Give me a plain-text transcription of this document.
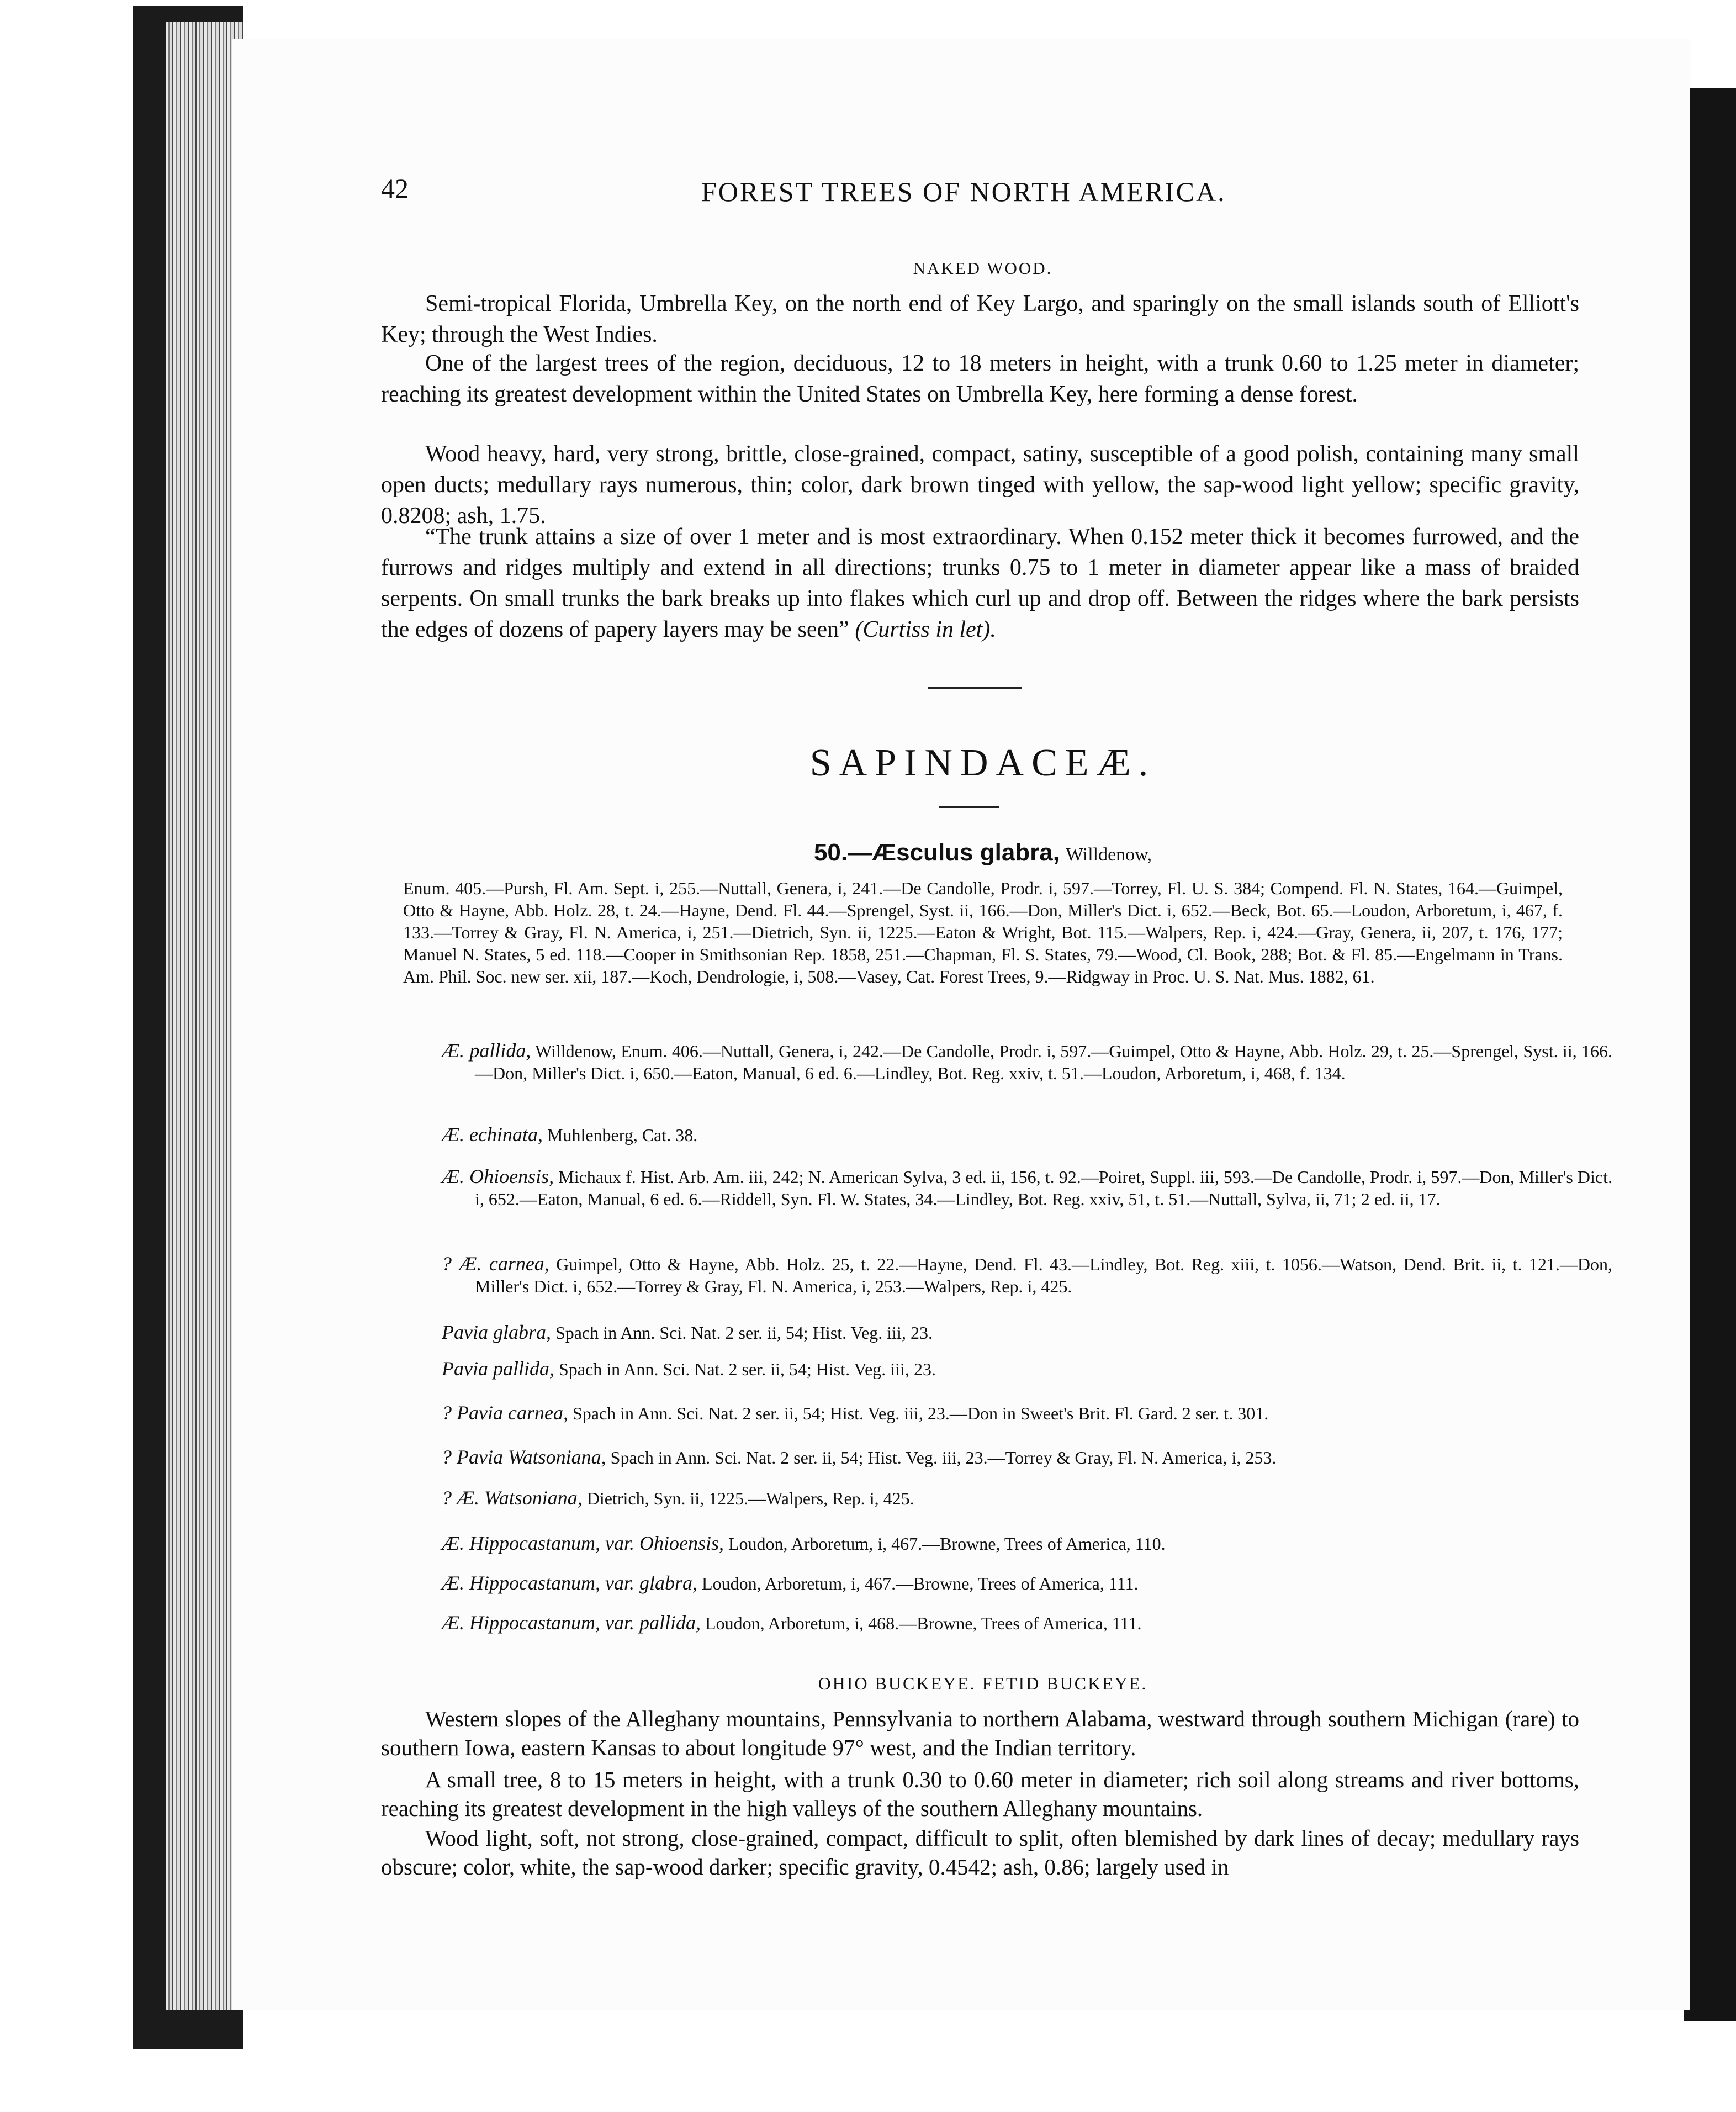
42	FOREST TREES OF NORTH AMERICA.

NAKED WOOD.

Semi-tropical Florida, Umbrella Key, on the north end of Key Largo, and sparingly on the small islands south of Elliott's Key; through the West Indies.

One of the largest trees of the region, deciduous, 12 to 18 meters in height, with a trunk 0.60 to 1.25 meter in diameter; reaching its greatest development within the United States on Umbrella Key, here forming a dense forest.

Wood heavy, hard, very strong, brittle, close-grained, compact, satiny, susceptible of a good polish, containing many small open ducts; medullary rays numerous, thin; color, dark brown tinged with yellow, the sap-wood light yellow; specific gravity, 0.8208; ash, 1.75.

“The trunk attains a size of over 1 meter and is most extraordinary. When 0.152 meter thick it becomes furrowed, and the furrows and ridges multiply and extend in all directions; trunks 0.75 to 1 meter in diameter appear like a mass of braided serpents. On small trunks the bark breaks up into flakes which curl up and drop off. Between the ridges where the bark persists the edges of dozens of papery layers may be seen” (Curtiss in let).

SAPINDACEÆ.

50.—Æsculus glabra, Willdenow,

Enum. 405.—Pursh, Fl. Am. Sept. i, 255.—Nuttall, Genera, i, 241.—De Candolle, Prodr. i, 597.—Torrey, Fl. U. S. 384; Compend. Fl. N. States, 164.—Guimpel, Otto & Hayne, Abb. Holz. 28, t. 24.—Hayne, Dend. Fl. 44.—Sprengel, Syst. ii, 166.—Don, Miller's Dict. i, 652.—Beck, Bot. 65.—Loudon, Arboretum, i, 467, f. 133.—Torrey & Gray, Fl. N. America, i, 251.—Dietrich, Syn. ii, 1225.—Eaton & Wright, Bot. 115.—Walpers, Rep. i, 424.—Gray, Genera, ii, 207, t. 176, 177; Manuel N. States, 5 ed. 118.—Cooper in Smithsonian Rep. 1858, 251.—Chapman, Fl. S. States, 79.—Wood, Cl. Book, 288; Bot. & Fl. 85.—Engelmann in Trans. Am. Phil. Soc. new ser. xii, 187.—Koch, Dendrologie, i, 508.—Vasey, Cat. Forest Trees, 9.—Ridgway in Proc. U. S. Nat. Mus. 1882, 61.

Æ. pallida, Willdenow, Enum. 406.—Nuttall, Genera, i, 242.—De Candolle, Prodr. i, 597.—Guimpel, Otto & Hayne, Abb. Holz. 29, t. 25.—Sprengel, Syst. ii, 166.—Don, Miller's Dict. i, 650.—Eaton, Manual, 6 ed. 6.—Lindley, Bot. Reg. xxiv, t. 51.—Loudon, Arboretum, i, 468, f. 134.

Æ. echinata, Muhlenberg, Cat. 38.

Æ. Ohioensis, Michaux f. Hist. Arb. Am. iii, 242; N. American Sylva, 3 ed. ii, 156, t. 92.—Poiret, Suppl. iii, 593.—De Candolle, Prodr. i, 597.—Don, Miller's Dict. i, 652.—Eaton, Manual, 6 ed. 6.—Riddell, Syn. Fl. W. States, 34.—Lindley, Bot. Reg. xxiv, 51, t. 51.—Nuttall, Sylva, ii, 71; 2 ed. ii, 17.

? Æ. carnea, Guimpel, Otto & Hayne, Abb. Holz. 25, t. 22.—Hayne, Dend. Fl. 43.—Lindley, Bot. Reg. xiii, t. 1056.—Watson, Dend. Brit. ii, t. 121.—Don, Miller's Dict. i, 652.—Torrey & Gray, Fl. N. America, i, 253.—Walpers, Rep. i, 425.

Pavia glabra, Spach in Ann. Sci. Nat. 2 ser. ii, 54; Hist. Veg. iii, 23.

Pavia pallida, Spach in Ann. Sci. Nat. 2 ser. ii, 54; Hist. Veg. iii, 23.

? Pavia carnea, Spach in Ann. Sci. Nat. 2 ser. ii, 54; Hist. Veg. iii, 23.—Don in Sweet's Brit. Fl. Gard. 2 ser. t. 301.

? Pavia Watsoniana, Spach in Ann. Sci. Nat. 2 ser. ii, 54; Hist. Veg. iii, 23.—Torrey & Gray, Fl. N. America, i, 253.

? Æ. Watsoniana, Dietrich, Syn. ii, 1225.—Walpers, Rep. i, 425.

Æ. Hippocastanum, var. Ohioensis, Loudon, Arboretum, i, 467.—Browne, Trees of America, 110.

Æ. Hippocastanum, var. glabra, Loudon, Arboretum, i, 467.—Browne, Trees of America, 111.

Æ. Hippocastanum, var. pallida, Loudon, Arboretum, i, 468.—Browne, Trees of America, 111.

OHIO BUCKEYE. FETID BUCKEYE.

Western slopes of the Alleghany mountains, Pennsylvania to northern Alabama, westward through southern Michigan (rare) to southern Iowa, eastern Kansas to about longitude 97° west, and the Indian territory.

A small tree, 8 to 15 meters in height, with a trunk 0.30 to 0.60 meter in diameter; rich soil along streams and river bottoms, reaching its greatest development in the high valleys of the southern Alleghany mountains.

Wood light, soft, not strong, close-grained, compact, difficult to split, often blemished by dark lines of decay; medullary rays obscure; color, white, the sap-wood darker; specific gravity, 0.4542; ash, 0.86; largely used in
